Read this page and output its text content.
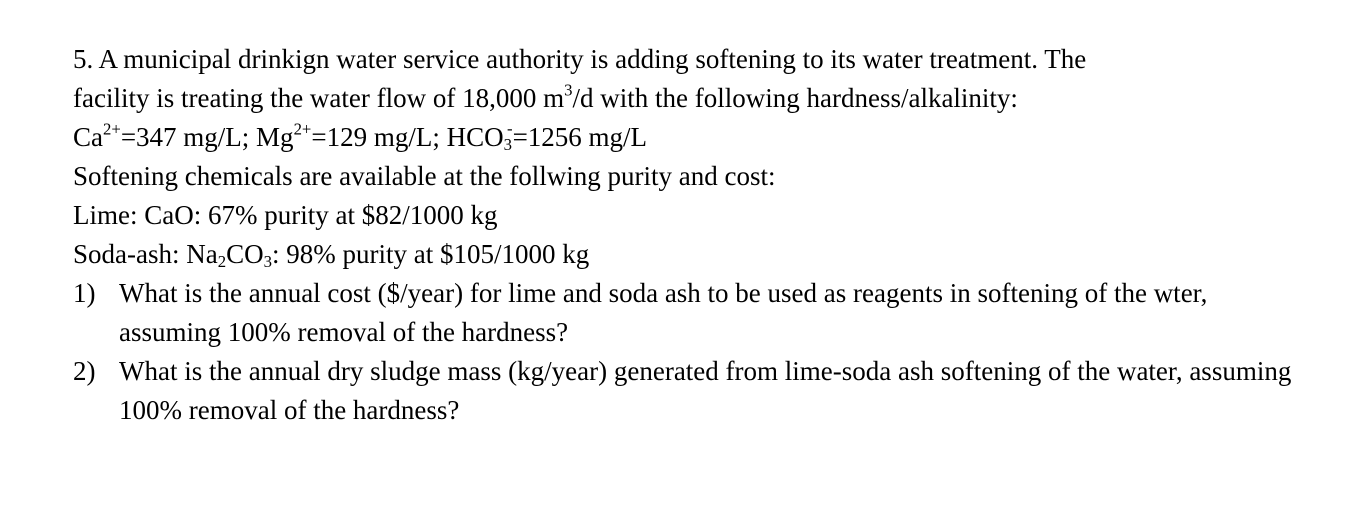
5. A municipal drinkign water service authority is adding softening to its water treatment. The
facility is treating the water flow of 18,000 $m^3/d$ with the following hardness/alkalinity:
$Ca^{2+}=347$ mg/L; $Mg^{2+}=129$ mg/L; $HCO_3^-=1256$ mg/L
Softening chemicals are available at the follwing purity and cost:
Lime: CaO: 67% purity at $82/1000 kg
Soda-ash: $Na_2CO_3$: 98% purity at $105/1000 kg
1) What is the annual cost ($/year) for lime and soda ash to be used as reagents in softening of the wter, assuming 100% removal of the hardness?
2) What is the annual dry sludge mass (kg/year) generated from lime-soda ash softening of the water, assuming 100% removal of the hardness?
